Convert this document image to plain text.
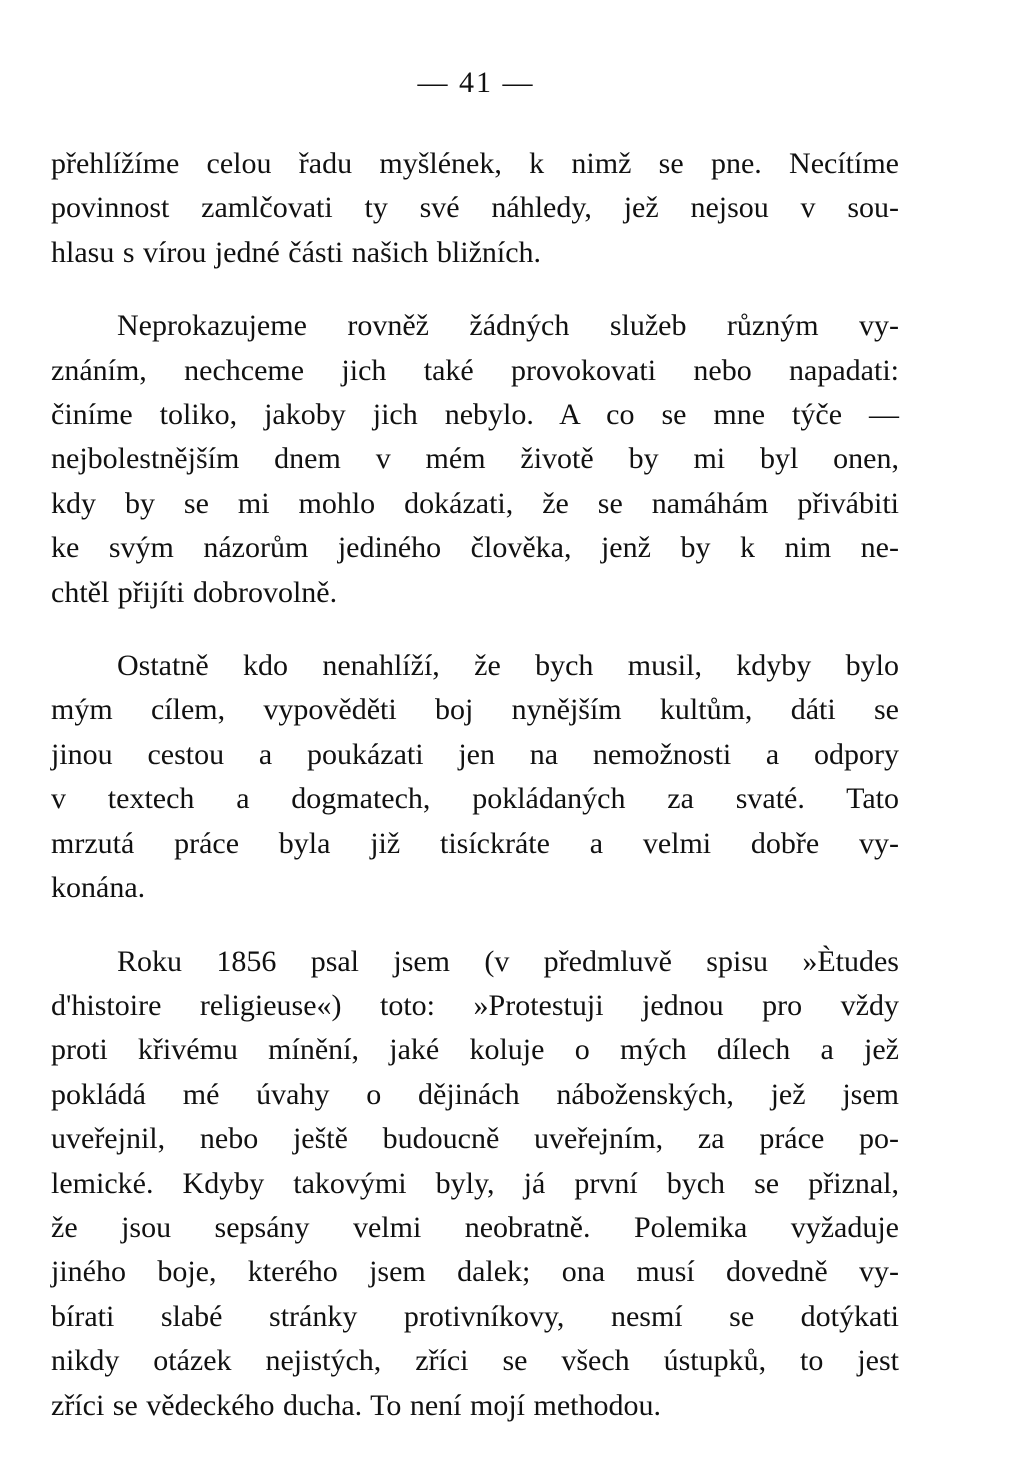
— 41 —

přehlížíme celou řadu myšlének, k nimž se pne. Necítíme
povinnost zamlčovati ty své náhledy, jež nejsou v sou-
hlasu s vírou jedné části našich bližních.

Neprokazujeme rovněž žádných služeb různým vy-
znáním, nechceme jich také provokovati nebo napadati:
činíme toliko, jakoby jich nebylo. A co se mne týče —
nejbolestnějším dnem v mém životě by mi byl onen,
kdy by se mi mohlo dokázati, že se namáhám přivábiti
ke svým názorům jediného člověka, jenž by k nim ne-
chtěl přijíti dobrovolně.

Ostatně kdo nenahlíží, že bych musil, kdyby bylo
mým cílem, vypověděti boj nynějším kultům, dáti se
jinou cestou a poukázati jen na nemožnosti a odpory
v textech a dogmatech, pokládaných za svaté. Tato
mrzutá práce byla již tisíckráte a velmi dobře vy-
konána.

Roku 1856 psal jsem (v předmluvě spisu »Ètudes
d'histoire religieuse«) toto: »Protestuji jednou pro vždy
proti křivému mínění, jaké koluje o mých dílech a jež
pokládá mé úvahy o dějinách náboženských, jež jsem
uveřejnil, nebo ještě budoucně uveřejním, za práce po-
lemické. Kdyby takovými byly, já první bych se přiznal,
že jsou sepsány velmi neobratně. Polemika vyžaduje
jiného boje, kterého jsem dalek; ona musí dovedně vy-
bírati slabé stránky protivníkovy, nesmí se dotýkati
nikdy otázek nejistých, zříci se všech ústupků, to jest
zříci se vědeckého ducha. To není mojí methodou.
